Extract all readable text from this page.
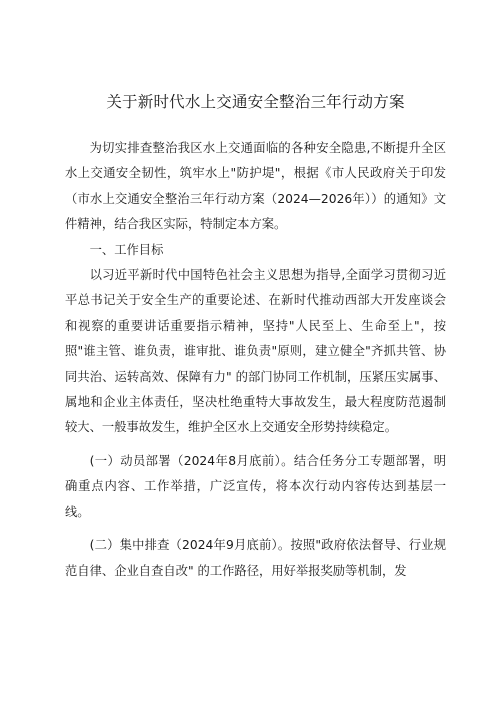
关于新时代水上交通安全整治三年行动方案

为切实排查整治我区水上交通面临的各种安全隐患,不断提升全区水上交通安全韧性，筑牢水上"防护堤"，根据《市人民政府关于印发（市水上交通安全整治三年行动方案（2024—2026年））的通知》文件精神，结合我区实际，特制定本方案。

一、工作目标

以习近平新时代中国特色社会主义思想为指导,全面学习贯彻习近平总书记关于安全生产的重要论述、在新时代推动西部大开发座谈会和视察的重要讲话重要指示精神，坚持"人民至上、生命至上"，按照"谁主管、谁负责，谁审批、谁负责"原则，建立健全"齐抓共管、协同共治、运转高效、保障有力" 的部门协同工作机制，压紧压实属事、属地和企业主体责任，坚决杜绝重特大事故发生，最大程度防范遏制较大、一般事故发生，维护全区水上交通安全形势持续稳定。

(一）动员部署（2024年8月底前）。结合任务分工专题部署，明确重点内容、工作举措，广泛宣传，将本次行动内容传达到基层一线。

(二）集中排查（2024年9月底前）。按照"政府依法督导、行业规范自律、企业自查自改" 的工作路径，用好举报奖励等机制，发
